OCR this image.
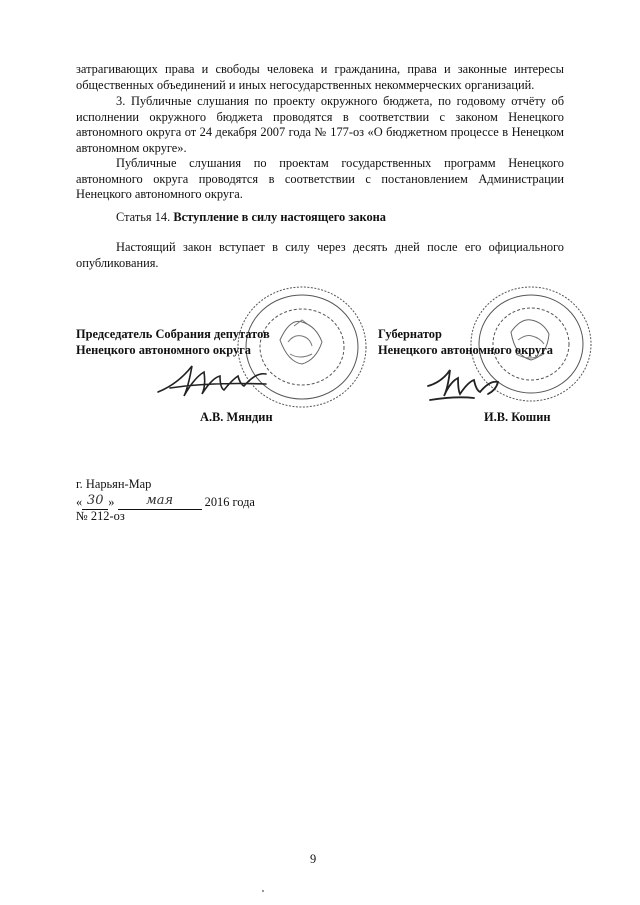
затрагивающих права и свободы человека и гражданина, права и законные интересы общественных объединений и иных негосударственных некоммерческих организаций.

3. Публичные слушания по проекту окружного бюджета, по годовому отчёту об исполнении окружного бюджета проводятся в соответствии с законом Ненецкого автономного округа от 24 декабря 2007 года № 177-оз «О бюджетном процессе в Ненецком автономном округе».

Публичные слушания по проектам государственных программ Ненецкого автономного округа проводятся в соответствии с постановлением Администрации Ненецкого автономного округа.

Статья 14. Вступление в силу настоящего закона

Настоящий закон вступает в силу через десять дней после его официального опубликования.

Председатель Собрания депутатов
Ненецкого автономного округа

Губернатор
Ненецкого автономного округа

А.В. Мяндин	И.В. Кошин

г. Нарьян-Мар

« 30 » мая	2016 года

№ 212-оз

9
